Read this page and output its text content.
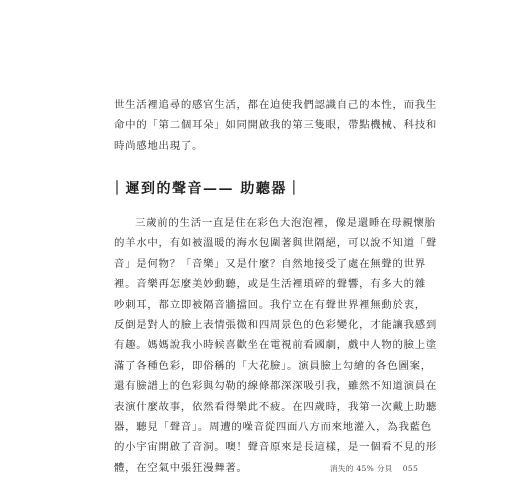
世生活裡追尋的感官生活，都在迫使我們認識自己的本性，而我生
命中的「第二個耳朵」如同開啟我的第三隻眼，帶點機械、科技和
時尚感地出現了。
｜遲到的聲音—— 助聽器｜
三歲前的生活一直是住在彩色大泡泡裡，像是還睡在母親懷胎
的羊水中，有如被溫暖的海水包圍著與世隔絕，可以說不知道「聲
音」是何物？「音樂」又是什麼？自然地接受了處在無聲的世界
裡。音樂再怎麼美妙動聽，或是生活裡瑣碎的聲響，有多大的雜
吵刺耳，都立即被隔音牆擋回。我佇立在有聲世界裡無動於衷，
反倒是對人的臉上表情張微和四周景色的色彩變化，才能讓我感到
有趣。媽媽說我小時候喜歡坐在電視前看國劇，戲中人物的臉上塗
滿了各種色彩，即俗稱的「大花臉」。演員臉上勾繪的各色圖案，
還有臉譜上的色彩與勾勒的線條都深深吸引我，雖然不知道演員在
表演什麼故事，依然看得樂此不疲。在四歲時，我第一次戴上助聽
器，聽見「聲音」。周遭的噪音從四面八方而來地灌入，為我藍色
的小宇宙開啟了音洞。噢！聲音原來是長這樣，是一個看不見的形
體，在空氣中張狂漫舞著。	消失的 45% 分貝 055
